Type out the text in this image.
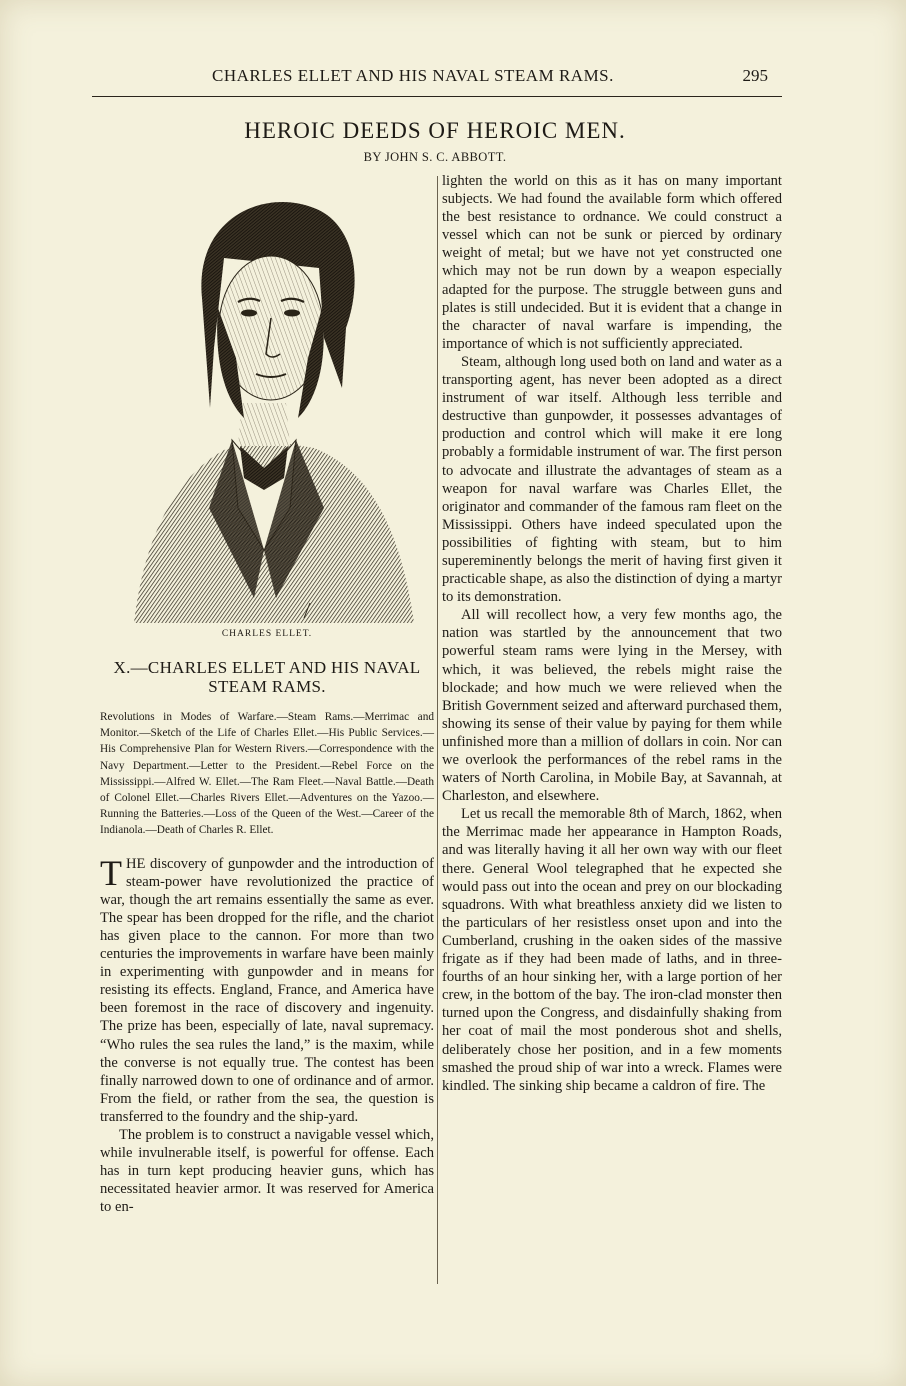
CHARLES ELLET AND HIS NAVAL STEAM RAMS.	295
HEROIC DEEDS OF HEROIC MEN.
BY JOHN S. C. ABBOTT.
CHARLES ELLET.
X.—CHARLES ELLET AND HIS NAVAL STEAM RAMS.
Revolutions in Modes of Warfare.—Steam Rams.—Merrimac and Monitor.—Sketch of the Life of Charles Ellet.—His Public Services.—His Comprehensive Plan for Western Rivers.—Correspondence with the Navy Department.—Letter to the President.—Rebel Force on the Mississippi.—Alfred W. Ellet.—The Ram Fleet.—Naval Battle.—Death of Colonel Ellet.—Charles Rivers Ellet.—Adventures on the Yazoo.—Running the Batteries.—Loss of the Queen of the West.—Career of the Indianola.—Death of Charles R. Ellet.

THE discovery of gunpowder and the introduction of steam-power have revolutionized the practice of war, though the art remains essentially the same as ever. The spear has been dropped for the rifle, and the chariot has given place to the cannon. For more than two centuries the improvements in warfare have been mainly in experimenting with gunpowder and in means for resisting its effects. England, France, and America have been foremost in the race of discovery and ingenuity. The prize has been, especially of late, naval supremacy. “Who rules the sea rules the land,” is the maxim, while the converse is not equally true. The contest has been finally narrowed down to one of ordinance and of armor. From the field, or rather from the sea, the question is transferred to the foundry and the ship-yard.

The problem is to construct a navigable vessel which, while invulnerable itself, is powerful for offense. Each has in turn kept producing heavier guns, which has necessitated heavier armor. It was reserved for America to en-

lighten the world on this as it has on many important subjects. We had found the available form which offered the best resistance to ordnance. We could construct a vessel which can not be sunk or pierced by ordinary weight of metal; but we have not yet constructed one which may not be run down by a weapon especially adapted for the purpose. The struggle between guns and plates is still undecided. But it is evident that a change in the character of naval warfare is impending, the importance of which is not sufficiently appreciated.

Steam, although long used both on land and water as a transporting agent, has never been adopted as a direct instrument of war itself. Although less terrible and destructive than gunpowder, it possesses advantages of production and control which will make it ere long probably a formidable instrument of war. The first person to advocate and illustrate the advantages of steam as a weapon for naval warfare was Charles Ellet, the originator and commander of the famous ram fleet on the Mississippi. Others have indeed speculated upon the possibilities of fighting with steam, but to him supereminently belongs the merit of having first given it practicable shape, as also the distinction of dying a martyr to its demonstration.

All will recollect how, a very few months ago, the nation was startled by the announcement that two powerful steam rams were lying in the Mersey, with which, it was believed, the rebels might raise the blockade; and how much we were relieved when the British Government seized and afterward purchased them, showing its sense of their value by paying for them while unfinished more than a million of dollars in coin. Nor can we overlook the performances of the rebel rams in the waters of North Carolina, in Mobile Bay, at Savannah, at Charleston, and elsewhere.

Let us recall the memorable 8th of March, 1862, when the Merrimac made her appearance in Hampton Roads, and was literally having it all her own way with our fleet there. General Wool telegraphed that he expected she would pass out into the ocean and prey on our blockading squadrons. With what breathless anxiety did we listen to the particulars of her resistless onset upon and into the Cumberland, crushing in the oaken sides of the massive frigate as if they had been made of laths, and in three-fourths of an hour sinking her, with a large portion of her crew, in the bottom of the bay. The iron-clad monster then turned upon the Congress, and disdainfully shaking from her coat of mail the most ponderous shot and shells, deliberately chose her position, and in a few moments smashed the proud ship of war into a wreck. Flames were kindled. The sinking ship became a caldron of fire. The
